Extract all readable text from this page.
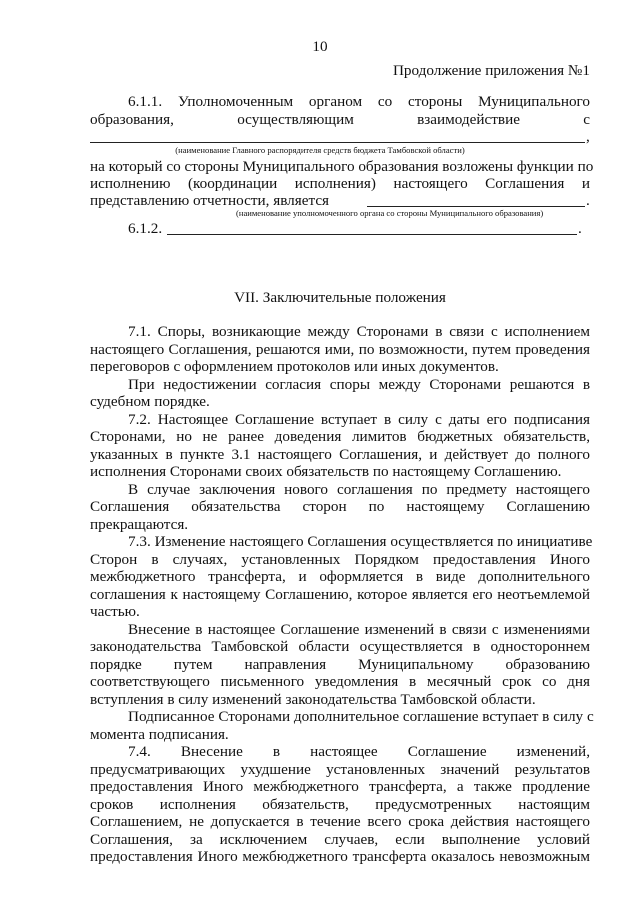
10
Продолжение приложения №1
6.1.1. Уполномоченным органом со стороны Муниципального
образования, осуществляющим взаимодействие с
,
(наименование Главного распорядителя средств бюджета Тамбовской области)
на который со стороны Муниципального образования возложены функции по
исполнению (координации исполнения) настоящего Соглашения и
представлению отчетности, является	.
(наименование уполномоченного органа со стороны Муниципального образования)
6.1.2.	.
VII. Заключительные положения
7.1. Споры, возникающие между Сторонами в связи с исполнением
настоящего Соглашения, решаются ими, по возможности, путем проведения
переговоров с оформлением протоколов или иных документов.
При недостижении согласия споры между Сторонами решаются в
судебном порядке.
7.2. Настоящее Соглашение вступает в силу с даты его подписания
Сторонами, но не ранее доведения лимитов бюджетных обязательств,
указанных в пункте 3.1 настоящего Соглашения, и действует до полного
исполнения Сторонами своих обязательств по настоящему Соглашению.
В случае заключения нового соглашения по предмету настоящего
Соглашения обязательства сторон по настоящему Соглашению
прекращаются.
7.3. Изменение настоящего Соглашения осуществляется по инициативе
Сторон в случаях, установленных Порядком предоставления Иного
межбюджетного трансферта, и оформляется в виде дополнительного
соглашения к настоящему Соглашению, которое является его неотъемлемой
частью.
Внесение в настоящее Соглашение изменений в связи с изменениями
законодательства Тамбовской области осуществляется в одностороннем
порядке путем направления Муниципальному образованию
соответствующего письменного уведомления в месячный срок со дня
вступления в силу изменений законодательства Тамбовской области.
Подписанное Сторонами дополнительное соглашение вступает в силу с
момента подписания.
7.4. Внесение в настоящее Соглашение изменений,
предусматривающих ухудшение установленных значений результатов
предоставления Иного межбюджетного трансферта, а также продление
сроков исполнения обязательств, предусмотренных настоящим
Соглашением, не допускается в течение всего срока действия настоящего
Соглашения, за исключением случаев, если выполнение условий
предоставления Иного межбюджетного трансферта оказалось невозможным
